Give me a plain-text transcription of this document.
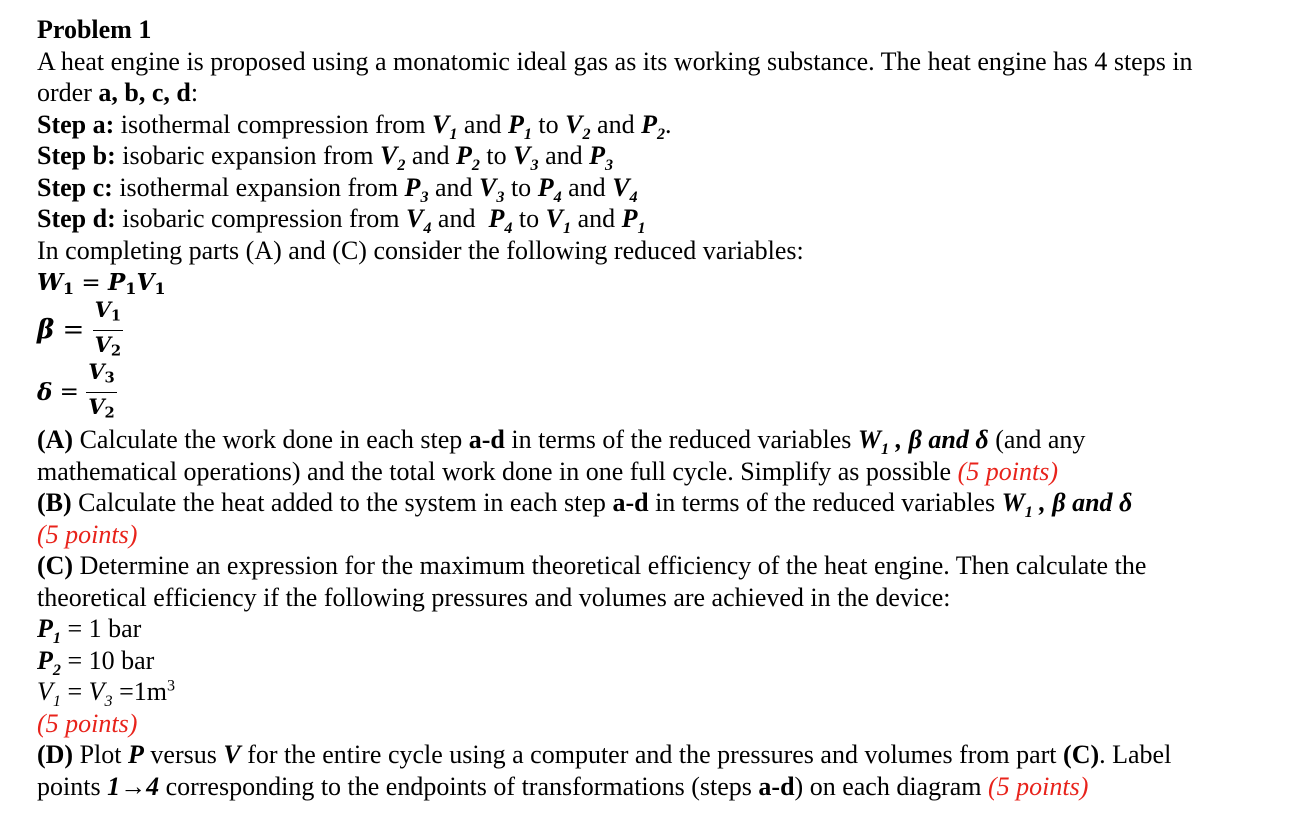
Problem 1
A heat engine is proposed using a monatomic ideal gas as its working substance. The heat engine has 4 steps in
order a, b, c, d:
Step a: isothermal compression from $V_1$ and $P_1$ to $V_2$ and $P_2$.
Step b: isobaric expansion from $V_2$ and $P_2$ to $V_3$ and $P_3$
Step c: isothermal expansion from $P_3$ and $V_3$ to $P_4$ and $V_4$
Step d: isobaric compression from $V_4$ and  $P_4$ to $V_1$ and $P_1$
In completing parts (A) and (C) consider the following reduced variables:
W1 = P1V1
$\beta = \frac{V1}{V2}$
$\delta = \frac{V3}{V2}$
(A) Calculate the work done in each step a-d in terms of the reduced variables $W_1$ , β and δ (and any
mathematical operations) and the total work done in one full cycle. Simplify as possible (5 points)
(B) Calculate the heat added to the system in each step a-d in terms of the reduced variables $W_1$ , β and δ
(5 points)
(C) Determine an expression for the maximum theoretical efficiency of the heat engine. Then calculate the
theoretical efficiency if the following pressures and volumes are achieved in the device:
$P_1 = 1$ bar
$P_2 = 10$ bar
$V_1 = V_3 =1m^3$
(5 points)
(D) Plot P versus V for the entire cycle using a computer and the pressures and volumes from part (C). Label
points 1→4 corresponding to the endpoints of transformations (steps a-d) on each diagram (5 points)
